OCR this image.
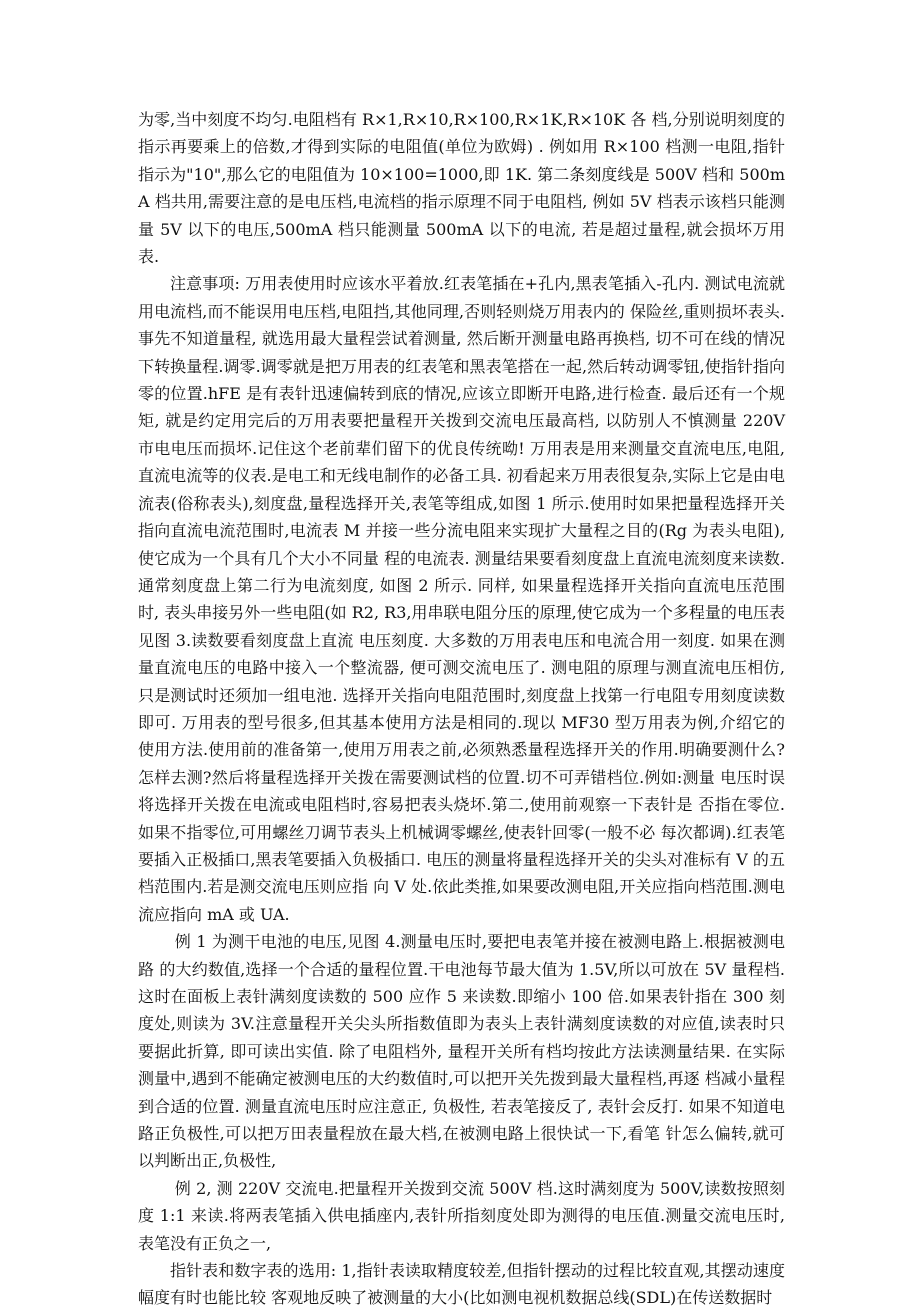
为零,当中刻度不均匀.电阻档有 R×1,R×10,R×100,R×1K,R×10K 各 档,分别说明刻度的指示再要乘上的倍数,才得到实际的电阻值(单位为欧姆) . 例如用 R×100 档测一电阻,指针指示为"10",那么它的电阻值为 10×100=1000,即 1K. 第二条刻度线是 500V 档和 500mA 档共用,需要注意的是电压档,电流档的指示原理不同于电阻档, 例如 5V 档表示该档只能测量 5V 以下的电压,500mA 档只能测量 500mA 以下的电流, 若是超过量程,就会损坏万用表.

注意事项: 万用表使用时应该水平着放.红表笔插在+孔内,黑表笔插入-孔内. 测试电流就用电流档,而不能误用电压档,电阻挡,其他同理,否则轻则烧万用表内的 保险丝,重则损坏表头.事先不知道量程, 就选用最大量程尝试着测量, 然后断开测量电路再换档, 切不可在线的情况下转换量程.调零.调零就是把万用表的红表笔和黑表笔搭在一起,然后转动调零钮,使指针指向零的位置.hFE 是有表针迅速偏转到底的情况,应该立即断开电路,进行检查. 最后还有一个规矩, 就是约定用完后的万用表要把量程开关拨到交流电压最高档, 以防别人不慎测量 220V 市电电压而损坏.记住这个老前辈们留下的优良传统呦! 万用表是用来测量交直流电压,电阻,直流电流等的仪表.是电工和无线电制作的必备工具. 初看起来万用表很复杂,实际上它是由电流表(俗称表头),刻度盘,量程选择开关,表笔等组成,如图 1 所示.使用时如果把量程选择开关指向直流电流范围时,电流表 M 并接一些分流电阻来实现扩大量程之目的(Rg 为表头电阻),使它成为一个具有几个大小不同量 程的电流表. 测量结果要看刻度盘上直流电流刻度来读数. 通常刻度盘上第二行为电流刻度, 如图 2 所示. 同样, 如果量程选择开关指向直流电压范围时, 表头串接另外一些电阻(如 R2, R3,用串联电阻分压的原理,使它成为一个多程量的电压表见图 3.读数要看刻度盘上直流 电压刻度. 大多数的万用表电压和电流合用一刻度. 如果在测量直流电压的电路中接入一个整流器, 便可测交流电压了. 测电阻的原理与测直流电压相仿, 只是测试时还须加一组电池. 选择开关指向电阻范围时,刻度盘上找第一行电阻专用刻度读数即可. 万用表的型号很多,但其基本使用方法是相同的.现以 MF30 型万用表为例,介绍它的 使用方法.使用前的准备第一,使用万用表之前,必须熟悉量程选择开关的作用.明确要测什么?怎样去测?然后将量程选择开关拨在需要测试档的位置.切不可弄错档位.例如:测量 电压时误将选择开关拨在电流或电阻档时,容易把表头烧坏.第二,使用前观察一下表针是 否指在零位.如果不指零位,可用螺丝刀调节表头上机械调零螺丝,使表针回零(一般不必 每次都调).红表笔要插入正极插口,黑表笔要插入负极插口. 电压的测量将量程选择开关的尖头对准标有 V 的五档范围内.若是测交流电压则应指 向 V 处.依此类推,如果要改测电阻,开关应指向档范围.测电流应指向 mA 或 UA.

例 1 为测干电池的电压,见图 4.测量电压时,要把电表笔并接在被测电路上.根据被测电路 的大约数值,选择一个合适的量程位置.干电池每节最大值为 1.5V,所以可放在 5V 量程档.这时在面板上表针满刻度读数的 500 应作 5 来读数.即缩小 100 倍.如果表针指在 300 刻度处,则读为 3V.注意量程开关尖头所指数值即为表头上表针满刻度读数的对应值,读表时只要据此折算, 即可读出实值. 除了电阻档外, 量程开关所有档均按此方法读测量结果. 在实际测量中,遇到不能确定被测电压的大约数值时,可以把开关先拨到最大量程档,再逐 档减小量程到合适的位置. 测量直流电压时应注意正, 负极性, 若表笔接反了, 表针会反打. 如果不知道电路正负极性,可以把万田表量程放在最大档,在被测电路上很快试一下,看笔 针怎么偏转,就可以判断出正,负极性,

例 2, 测 220V 交流电.把量程开关拨到交流 500V 档.这时满刻度为 500V,读数按照刻度 1:1 来读.将两表笔插入供电插座内,表针所指刻度处即为测得的电压值.测量交流电压时, 表笔没有正负之一,

指针表和数字表的选用: 1,指针表读取精度较差,但指针摆动的过程比较直观,其摆动速度幅度有时也能比较 客观地反映了被测量的大小(比如测电视机数据总线(SDL)在传送数据时
